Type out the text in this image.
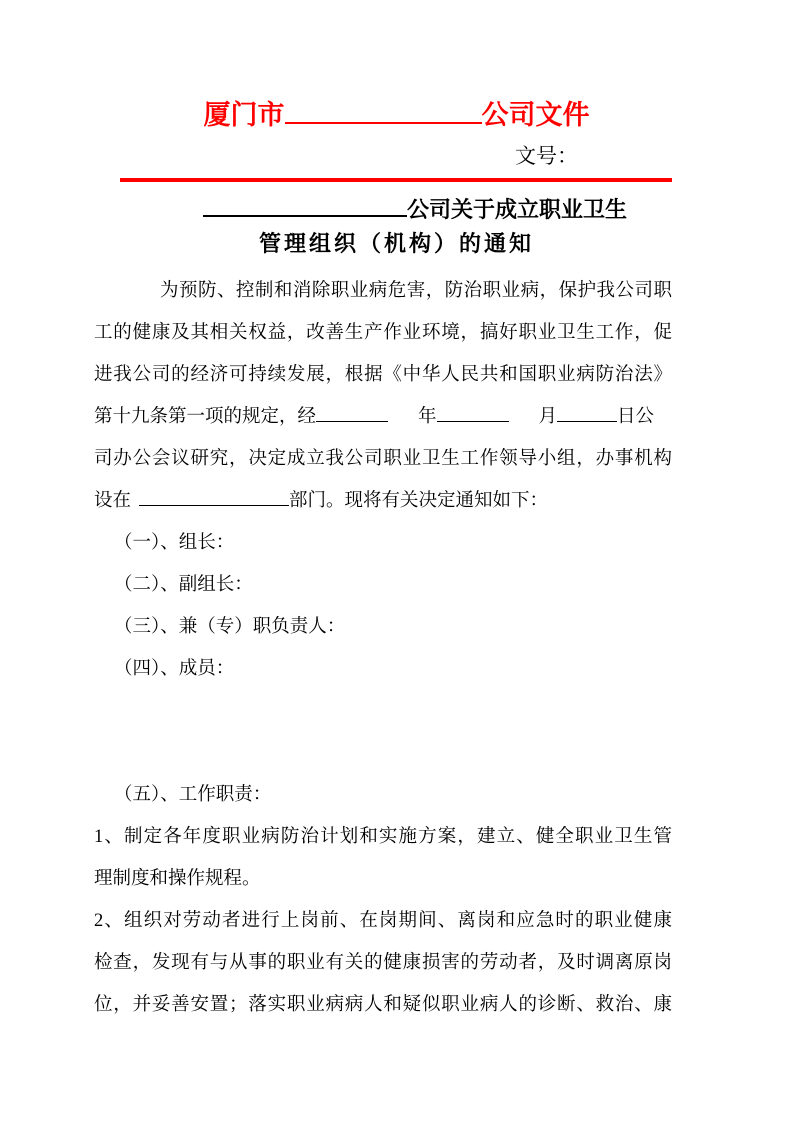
厦门市	公司文件
文号：
公司关于成立职业卫生
管理组织（机构）的通知
为预防、控制和消除职业病危害，防治职业病，保护我公司职
工的健康及其相关权益，改善生产作业环境，搞好职业卫生工作，促
进我公司的经济可持续发展，根据《中华人民共和国职业病防治法》
第十九条第一项的规定，经	年	月	日公
司办公会议研究，决定成立我公司职业卫生工作领导小组，办事机构
设在	部门。现将有关决定通知如下：
（一）、组长：
（二）、副组长：
（三）、兼（专）职负责人：
（四）、成员：
（五）、工作职责：
1、制定各年度职业病防治计划和实施方案，建立、健全职业卫生管
理制度和操作规程。
2、组织对劳动者进行上岗前、在岗期间、离岗和应急时的职业健康
检查，发现有与从事的职业有关的健康损害的劳动者，及时调离原岗
位，并妥善安置；落实职业病病人和疑似职业病人的诊断、救治、康
